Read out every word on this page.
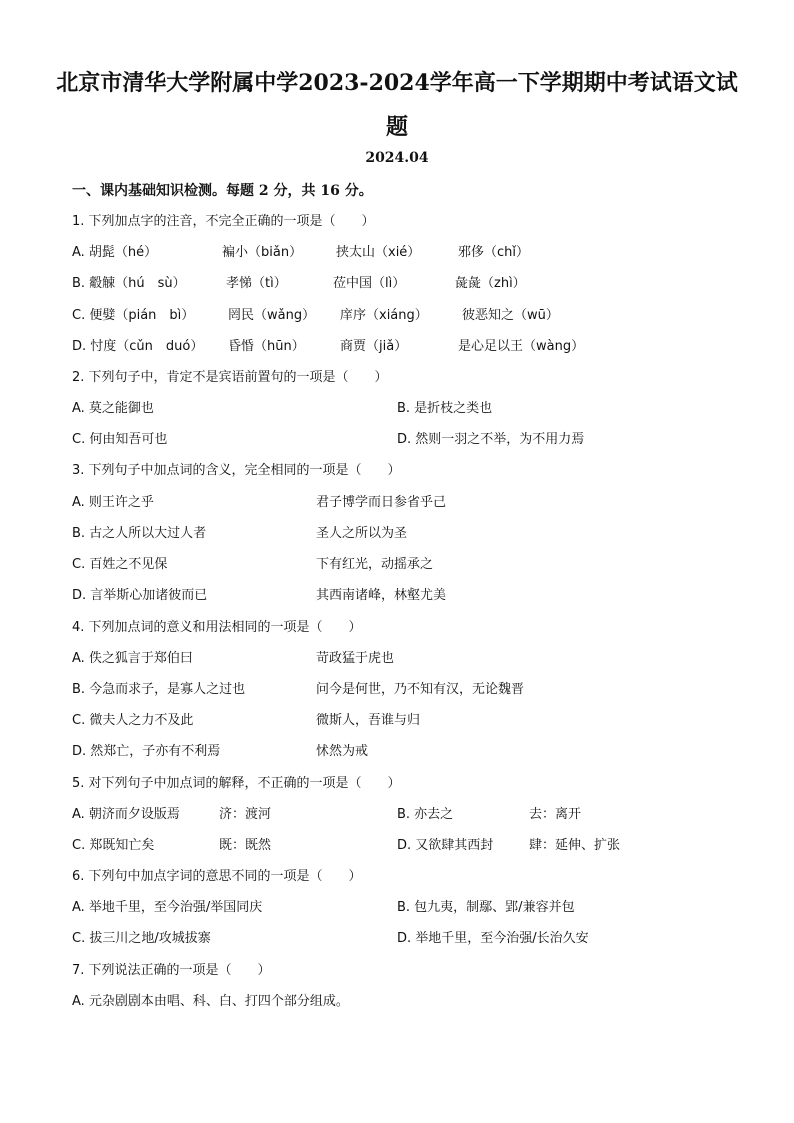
北京市清华大学附属中学2023-2024学年高一下学期期中考试语文试
题
2024.04
一、课内基础知识检测。每题 2 分，共 16 分。
1. 下列加点字的注音，不完全正确的一项是（　　）
A. 胡髭（hé）	褊小（biǎn）	挟太山（xié）	邪侈（chǐ）
B. 觳觫（hú　sù）	孝悌（tì）	莅中国（lì）	彘彘（zhì）
C. 便嬖（pián　bì）	罔民（wǎng） 庠序（xiáng）	彼恶知之（wū）
D. 忖度（cǔn　duó） 昏惛（hūn）	商贾（jiǎ）	是心足以王（wàng）
2. 下列句子中，肯定不是宾语前置句的一项是（　　）
A. 莫之能御也	B. 是折枝之类也
C. 何由知吾可也	D. 然则一羽之不举，为不用力焉
3. 下列句子中加点词的含义，完全相同的一项是（　　）
A. 则王许之乎	君子博学而日参省乎己
B. 古之人所以大过人者	圣人之所以为圣
C. 百姓之不见保	下有红光，动摇承之
D. 言举斯心加诸彼而已	其西南诸峰，林壑尤美
4. 下列加点词的意义和用法相同的一项是（　　）
A. 佚之狐言于郑伯曰	苛政猛于虎也
B. 今急而求子，是寡人之过也	问今是何世，乃不知有汉，无论魏晋
C. 微夫人之力不及此	微斯人，吾谁与归
D. 然郑亡，子亦有不利焉	怵然为戒
5. 对下列句子中加点词的解释，不正确的一项是（　　）
A. 朝济而夕设版焉	济：渡河	B. 亦去之	去：离开
C. 郑既知亡矣	既：既然	D. 又欲肆其西封	肆：延伸、扩张
6. 下列句中加点字词的意思不同的一项是（　　）
A. 举地千里，至今治强/举国同庆	B. 包九夷，制鄢、郢/兼容并包
C. 拔三川之地/攻城拔寨	D. 举地千里，至今治强/长治久安
7. 下列说法正确的一项是（　　）
A. 元杂剧剧本由唱、科、白、打四个部分组成。
